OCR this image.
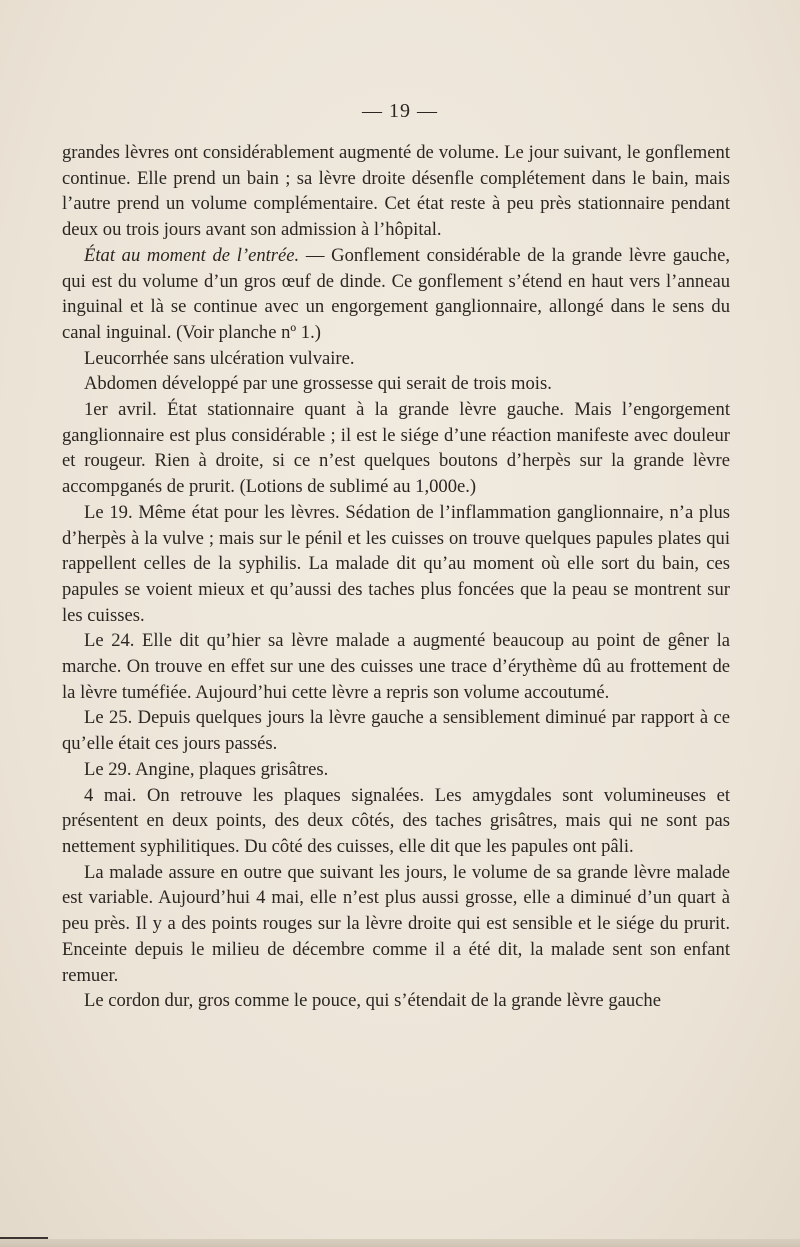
— 19 —

grandes lèvres ont considérablement augmenté de volume. Le jour suivant, le gonflement continue. Elle prend un bain ; sa lèvre droite désenfle complétement dans le bain, mais l’autre prend un volume complémentaire. Cet état reste à peu près stationnaire pendant deux ou trois jours avant son admission à l’hôpital.

État au moment de l’entrée. — Gonflement considérable de la grande lèvre gauche, qui est du volume d’un gros œuf de dinde. Ce gonflement s’étend en haut vers l’anneau inguinal et là se continue avec un engorgement ganglionnaire, allongé dans le sens du canal inguinal. (Voir planche nº 1.)

Leucorrhée sans ulcération vulvaire.

Abdomen développé par une grossesse qui serait de trois mois.

1er avril. État stationnaire quant à la grande lèvre gauche. Mais l’engorgement ganglionnaire est plus considérable ; il est le siége d’une réaction manifeste avec douleur et rougeur. Rien à droite, si ce n’est quelques boutons d’herpès sur la grande lèvre accompganés de prurit. (Lotions de sublimé au 1,000e.)

Le 19. Même état pour les lèvres. Sédation de l’inflammation ganglionnaire, n’a plus d’herpès à la vulve ; mais sur le pénil et les cuisses on trouve quelques papules plates qui rappellent celles de la syphilis. La malade dit qu’au moment où elle sort du bain, ces papules se voient mieux et qu’aussi des taches plus foncées que la peau se montrent sur les cuisses.

Le 24. Elle dit qu’hier sa lèvre malade a augmenté beaucoup au point de gêner la marche. On trouve en effet sur une des cuisses une trace d’érythème dû au frottement de la lèvre tuméfiée. Aujourd’hui cette lèvre a repris son volume accoutumé.

Le 25. Depuis quelques jours la lèvre gauche a sensiblement diminué par rapport à ce qu’elle était ces jours passés.

Le 29. Angine, plaques grisâtres.

4 mai. On retrouve les plaques signalées. Les amygdales sont volumineuses et présentent en deux points, des deux côtés, des taches grisâtres, mais qui ne sont pas nettement syphilitiques. Du côté des cuisses, elle dit que les papules ont pâli.

La malade assure en outre que suivant les jours, le volume de sa grande lèvre malade est variable. Aujourd’hui 4 mai, elle n’est plus aussi grosse, elle a diminué d’un quart à peu près. Il y a des points rouges sur la lèvre droite qui est sensible et le siége du prurit. Enceinte depuis le milieu de décembre comme il a été dit, la malade sent son enfant remuer.

Le cordon dur, gros comme le pouce, qui s’étendait de la grande lèvre gauche
